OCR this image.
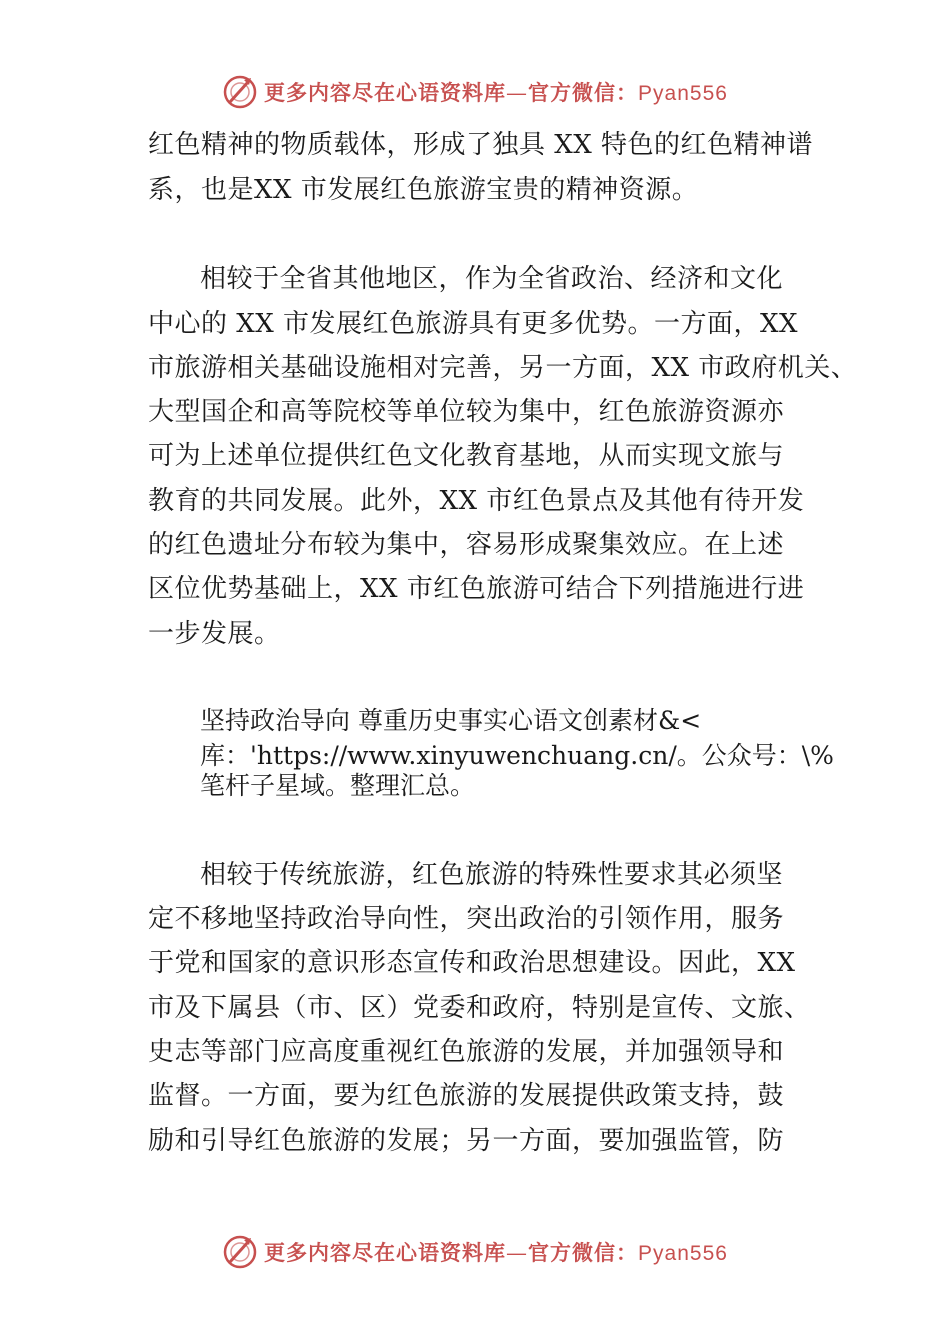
更多内容尽在心语资料库—官方微信：Pyan556
红色精神的物质载体，形成了独具 XX 特色的红色精神谱
系，也是XX 市发展红色旅游宝贵的精神资源。
相较于全省其他地区，作为全省政治、经济和文化
中心的 XX 市发展红色旅游具有更多优势。一方面，XX
市旅游相关基础设施相对完善，另一方面，XX 市政府机关、
大型国企和高等院校等单位较为集中，红色旅游资源亦
可为上述单位提供红色文化教育基地，从而实现文旅与
教育的共同发展。此外，XX 市红色景点及其他有待开发
的红色遗址分布较为集中，容易形成聚集效应。在上述
区位优势基础上，XX 市红色旅游可结合下列措施进行进
一步发展。
坚持政治导向 尊重历史事实心语文创素材&<
库：'https://www.xinyuwenchuang.cn/。公众号：\%
笔杆子星域。整理汇总。
相较于传统旅游，红色旅游的特殊性要求其必须坚
定不移地坚持政治导向性，突出政治的引领作用，服务
于党和国家的意识形态宣传和政治思想建设。因此，XX
市及下属县（市、区）党委和政府，特别是宣传、文旅、
史志等部门应高度重视红色旅游的发展，并加强领导和
监督。一方面，要为红色旅游的发展提供政策支持，鼓
励和引导红色旅游的发展；另一方面，要加强监管，防
更多内容尽在心语资料库—官方微信：Pyan556
